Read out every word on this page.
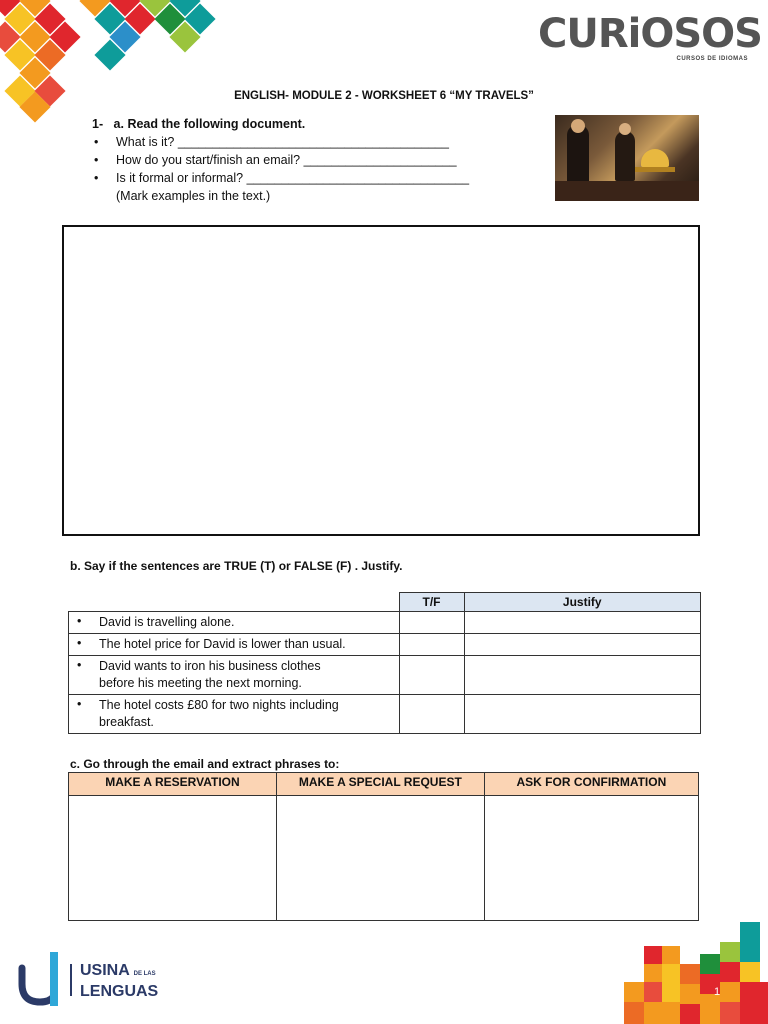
CURiOSOS
CURSOS DE IDIOMAS
ENGLISH- MODULE 2 - WORKSHEET 6 “MY TRAVELS”
1- a. Read the following document.
• What is it? _______________________________________
• How do you start/finish an email? ______________________
• Is it formal or informal? ________________________________
(Mark examples in the text.)
b. Say if the sentences are TRUE (T) or FALSE (F) . Justify.
	T/F	Justify
• David is travelling alone.		
• The hotel price for David is lower than usual.		
• David wants to iron his business clothes
before his meeting the next morning.		
• The hotel costs £80 for two nights including
breakfast.		
c. Go through the email and extract phrases to:
MAKE A RESERVATION	MAKE A SPECIAL REQUEST	ASK FOR CONFIRMATION

USINA DE LAS
LENGUAS	1
